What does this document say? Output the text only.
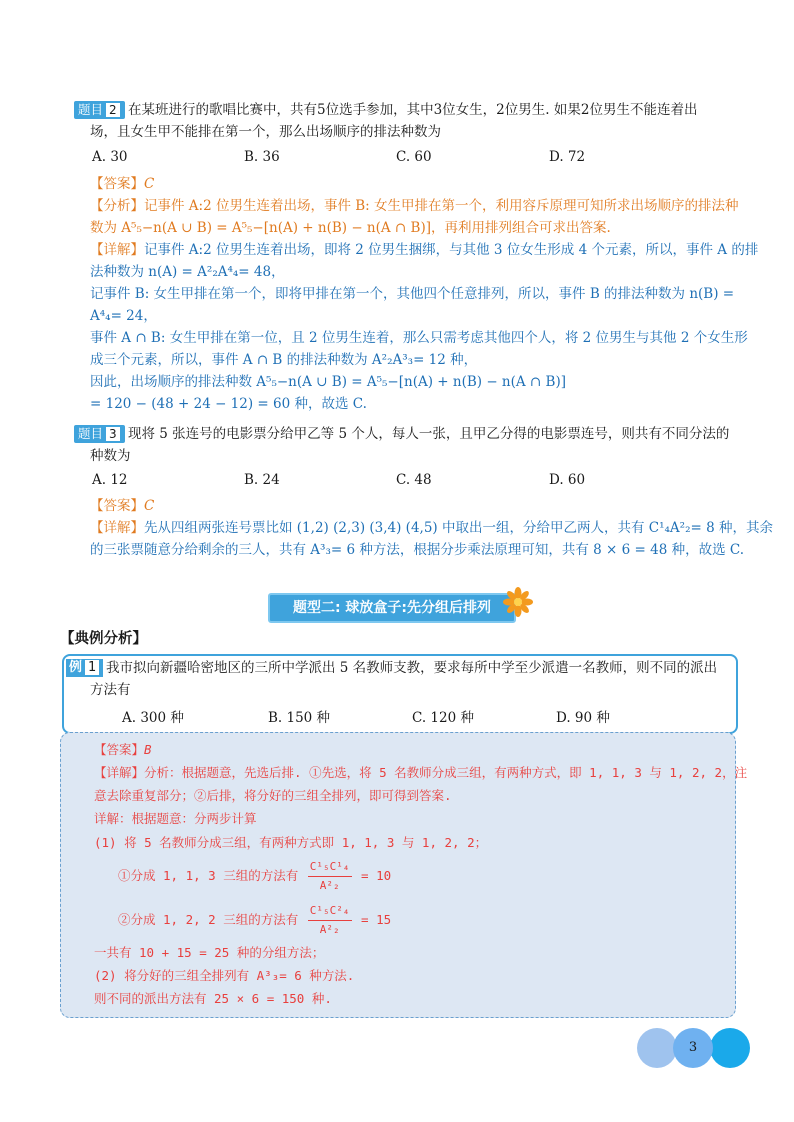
题目 2 在某班进行的歌唱比赛中，共有5位选手参加，其中3位女生，2位男生. 如果2位男生不能连着出
场，且女生甲不能排在第一个，那么出场顺序的排法种数为
A. 30	B. 36	C. 60	D. 72
【答案】C
【分析】记事件 A:2 位男生连着出场，事件 B: 女生甲排在第一个，利用容斥原理可知所求出场顺序的排法种
数为 A⁵₅−n(A ∪ B) = A⁵₅−[n(A) + n(B) − n(A ∩ B)]，再利用排列组合可求出答案.
【详解】记事件 A:2 位男生连着出场，即将 2 位男生捆绑，与其他 3 位女生形成 4 个元素，所以，事件 A 的排
法种数为 n(A) = A²₂A⁴₄= 48，
记事件 B: 女生甲排在第一个，即将甲排在第一个，其他四个任意排列，所以，事件 B 的排法种数为 n(B) =
A⁴₄= 24，
事件 A ∩ B: 女生甲排在第一位，且 2 位男生连着，那么只需考虑其他四个人，将 2 位男生与其他 2 个女生形
成三个元素，所以，事件 A ∩ B 的排法种数为 A²₂A³₃= 12 种，
因此，出场顺序的排法种数 A⁵₅−n(A ∪ B) = A⁵₅−[n(A) + n(B) − n(A ∩ B)]
= 120 − (48 + 24 − 12) = 60 种，故选 C.
题目 3 现将 5 张连号的电影票分给甲乙等 5 个人，每人一张，且甲乙分得的电影票连号，则共有不同分法的
种数为
A. 12	B. 24	C. 48	D. 60
【答案】C
【详解】先从四组两张连号票比如 (1,2) (2,3) (3,4) (4,5) 中取出一组，分给甲乙两人，共有 C¹₄A²₂= 8 种，其余
的三张票随意分给剩余的三人，共有 A³₃= 6 种方法，根据分步乘法原理可知，共有 8 × 6 = 48 种，故选 C.
题型二: 球放盒子:先分组后排列
【典例分析】
例 1 我市拟向新疆哈密地区的三所中学派出 5 名教师支教，要求每所中学至少派遣一名教师，则不同的派出
方法有
A. 300 种	B. 150 种	C. 120 种	D. 90 种
【答案】B
【详解】分析：根据题意，先选后排. ①先选，将 5 名教师分成三组，有两种方式，即 1, 1, 3 与 1, 2, 2，注
意去除重复部分；②后排，将分好的三组全排列，即可得到答案.
详解：根据题意：分两步计算
(1) 将 5 名教师分成三组，有两种方式即 1, 1, 3 与 1, 2, 2；
①分成 1, 1, 3 三组的方法有 $\frac{\text{C¹₅C¹₄}}{\text{A²₂}} = 10$
②分成 1, 2, 2 三组的方法有 $\frac{\text{C¹₅C²₄}}{\text{A²₂}} = 15$
一共有 10 + 15 = 25 种的分组方法；
(2) 将分好的三组全排列有 A³₃= 6 种方法.
则不同的派出方法有 25 × 6 = 150 种.
3
